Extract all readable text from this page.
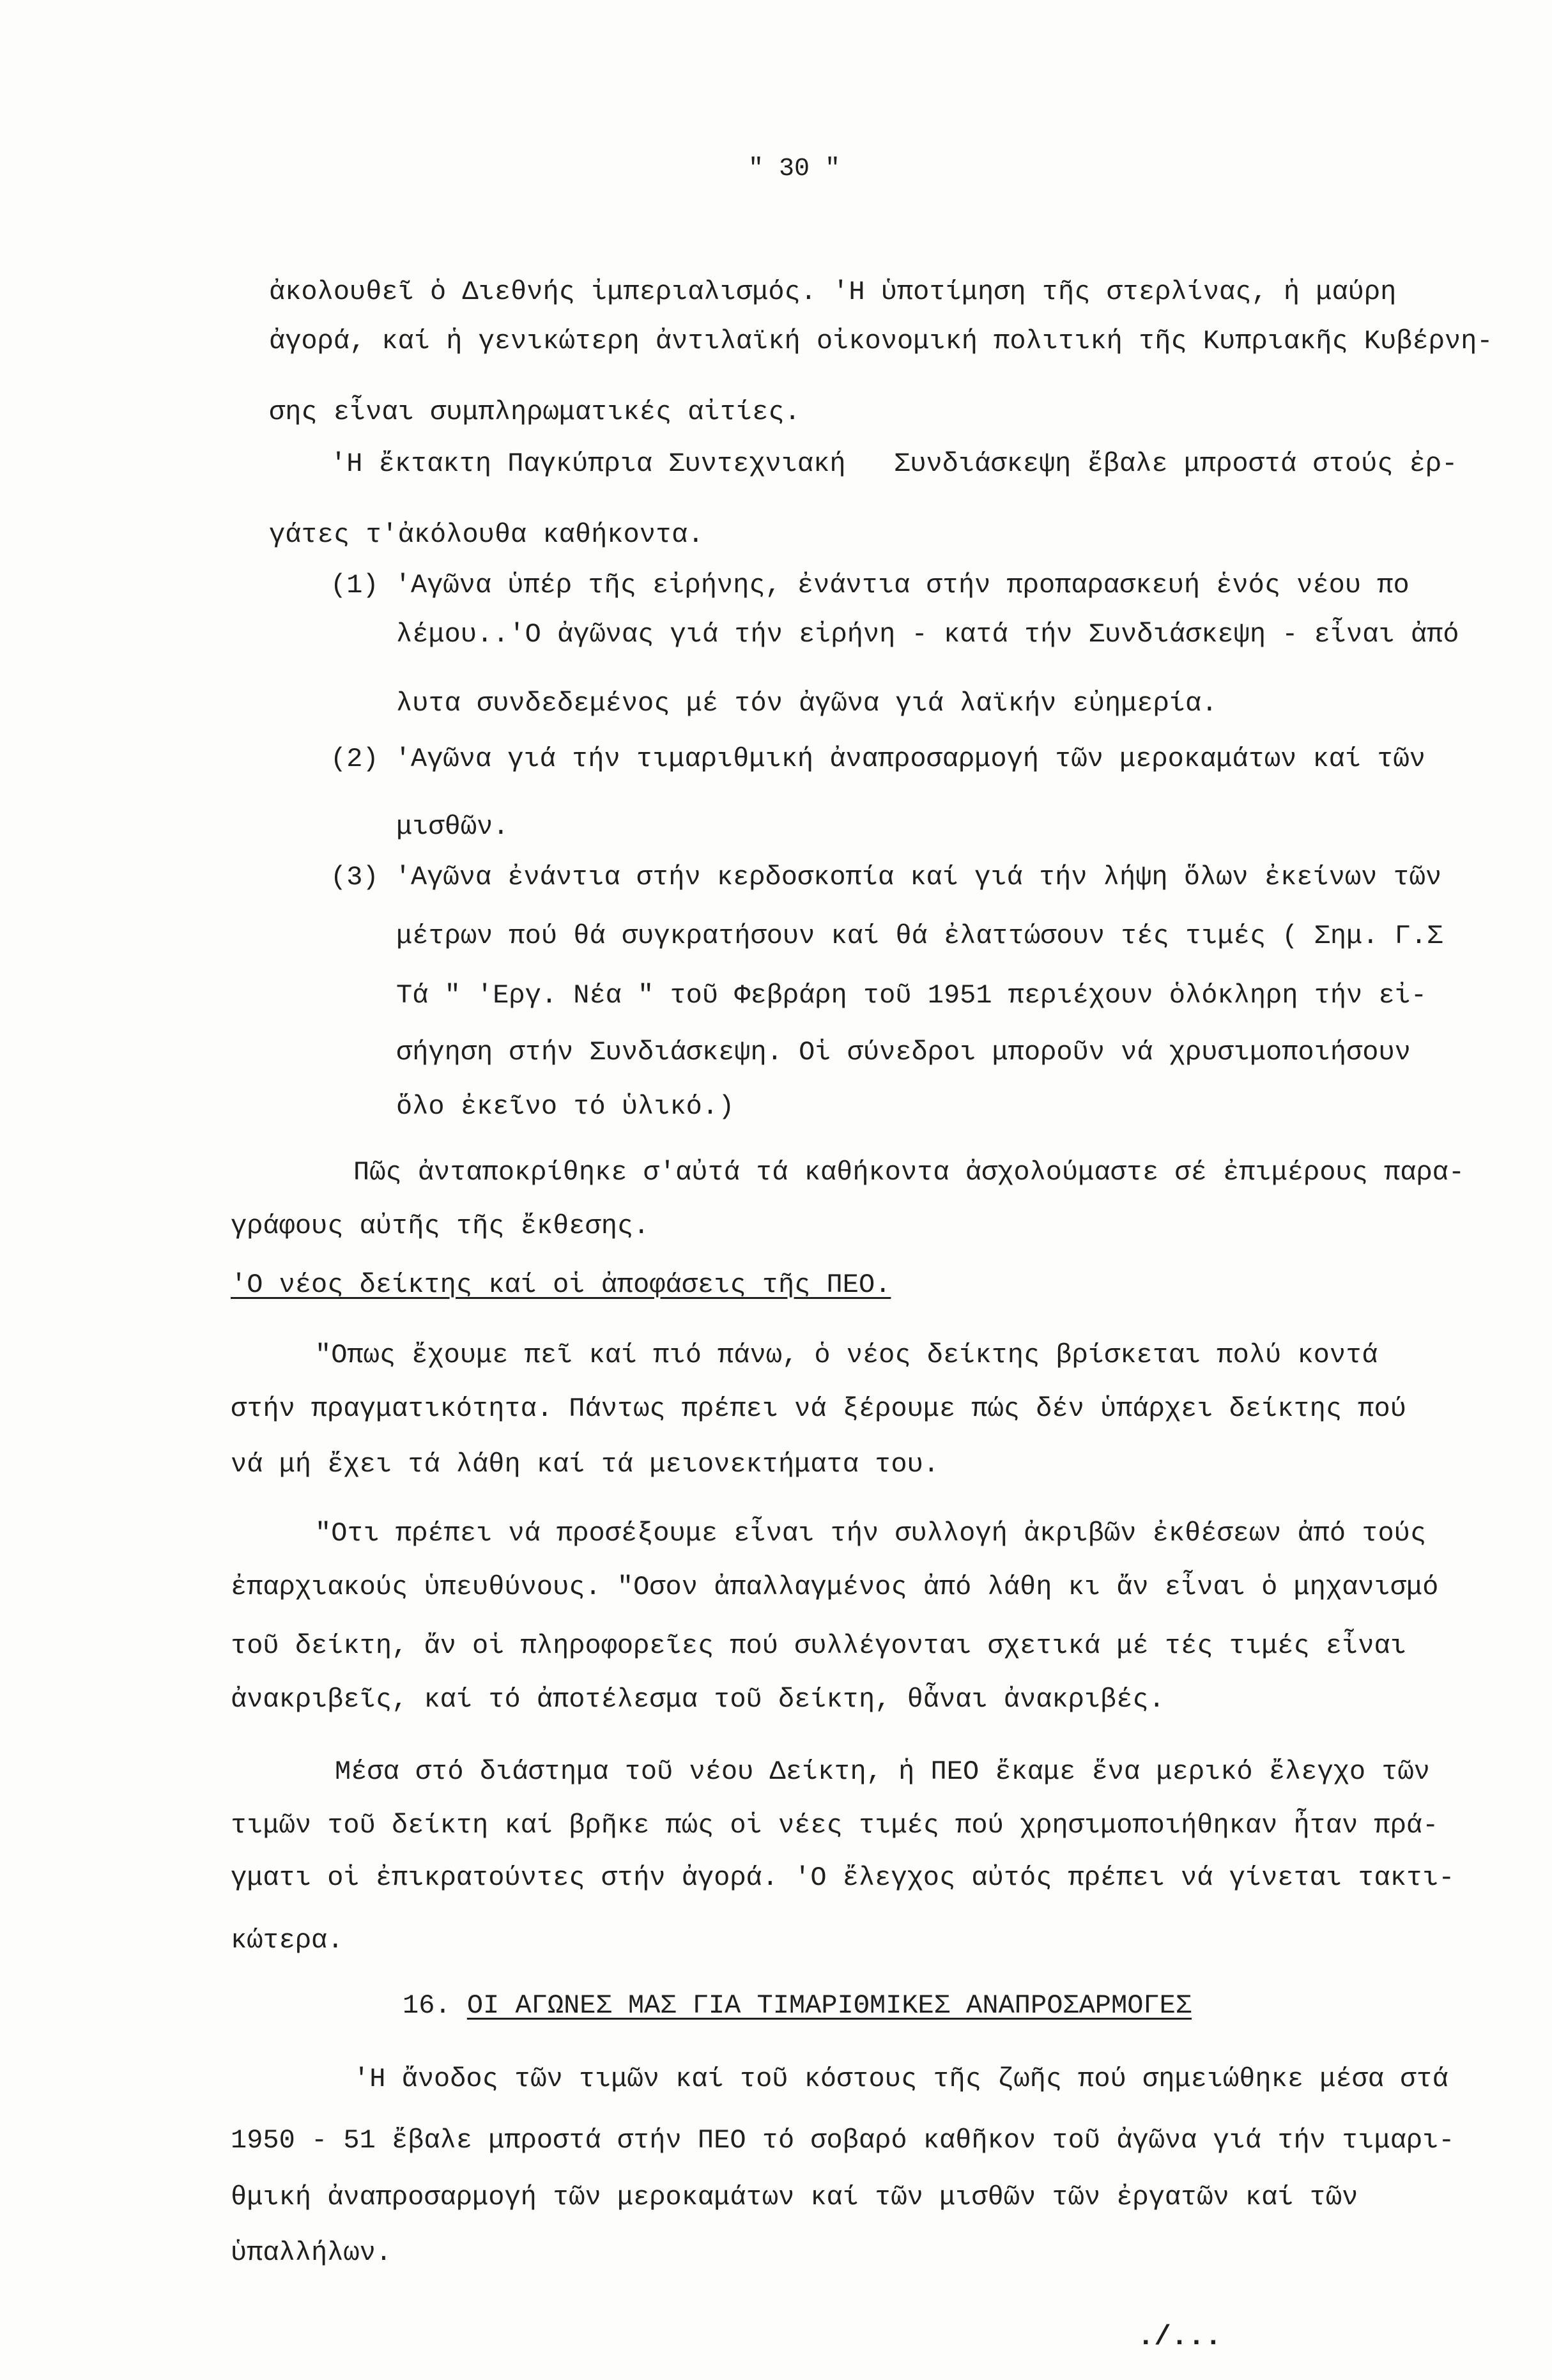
" 30 "
ἀκολουθεῖ ὁ Διεθνής ἰμπεριαλισμός. 'Η ὑποτίμηση τῆς στερλίνας, ἡ μαύρη
ἀγορά, καί ἡ γενικώτερη ἀντιλαϊκή οἰκονομική πολιτική τῆς Κυπριακῆς Κυβέρνη-
σης εἶναι συμπληρωματικές αἰτίες.
'Η ἔκτακτη Παγκύπρια Συντεχνιακή   Συνδιάσκεψη ἔβαλε μπροστά στούς ἐρ-
γάτες τ'ἀκόλουθα καθήκοντα.
(1) 'Αγῶνα ὑπέρ τῆς εἰρήνης, ἐνάντια στήν προπαρασκευή ἑνός νέου πο
λέμου..'Ο ἀγῶνας γιά τήν εἰρήνη - κατά τήν Συνδιάσκεψη - εἶναι ἀπό
λυτα συνδεδεμένος μέ τόν ἀγῶνα γιά λαϊκήν εὐημερία.
(2) 'Αγῶνα γιά τήν τιμαριθμική ἀναπροσαρμογή τῶν μεροκαμάτων καί τῶν
μισθῶν.
(3) 'Αγῶνα ἐνάντια στήν κερδοσκοπία καί γιά τήν λήψη ὅλων ἐκείνων τῶν
μέτρων πού θά συγκρατήσουν καί θά ἐλαττώσουν τές τιμές ( Σημ. Γ.Σ
Τά " 'Εργ. Νέα " τοῦ Φεβράρη τοῦ 1951 περιέχουν ὁλόκληρη τήν εἰ-
σήγηση στήν Συνδιάσκεψη. Οἱ σύνεδροι μποροῦν νά χρυσιμοποιήσουν
ὅλο ἐκεῖνο τό ὑλικό.)
Πῶς ἀνταποκρίθηκε σ'αὐτά τά καθήκοντα ἀσχολούμαστε σέ ἐπιμέρους παρα-
γράφους αὐτῆς τῆς ἔκθεσης.
'Ο νέος δείκτης καί οἱ ἀποφάσεις τῆς ΠΕΟ.
"Οπως ἔχουμε πεῖ καί πιό πάνω, ὁ νέος δείκτης βρίσκεται πολύ κοντά
στήν πραγματικότητα. Πάντως πρέπει νά ξέρουμε πώς δέν ὑπάρχει δείκτης πού
νά μή ἔχει τά λάθη καί τά μειονεκτήματα του.
"Οτι πρέπει νά προσέξουμε εἶναι τήν συλλογή ἀκριβῶν ἐκθέσεων ἀπό τούς
ἐπαρχιακούς ὑπευθύνους. "Οσον ἀπαλλαγμένος ἀπό λάθη κι ἄν εἶναι ὁ μηχανισμό
τοῦ δείκτη, ἄν οἱ πληροφορεῖες πού συλλέγονται σχετικά μέ τές τιμές εἶναι
ἀνακριβεῖς, καί τό ἀποτέλεσμα τοῦ δείκτη, θἆναι ἀνακριβές.
Μέσα στό διάστημα τοῦ νέου Δείκτη, ἡ ΠΕΟ ἔκαμε ἕνα μερικό ἔλεγχο τῶν
τιμῶν τοῦ δείκτη καί βρῆκε πώς οἱ νέες τιμές πού χρησιμοποιήθηκαν ἦταν πρά-
γματι οἱ ἐπικρατούντες στήν ἀγορά. 'Ο ἔλεγχος αὐτός πρέπει νά γίνεται τακτι-
κώτερα.
16. ΟΙ ΑΓΩΝΕΣ ΜΑΣ ΓΙΑ ΤΙΜΑΡΙΘΜΙΚΕΣ ΑΝΑΠΡΟΣΑΡΜΟΓΕΣ
'Η ἄνοδος τῶν τιμῶν καί τοῦ κόστους τῆς ζωῆς πού σημειώθηκε μέσα στά
1950 - 51 ἔβαλε μπροστά στήν ΠΕΟ τό σοβαρό καθῆκον τοῦ ἀγῶνα γιά τήν τιμαρι-
θμική ἀναπροσαρμογή τῶν μεροκαμάτων καί τῶν μισθῶν τῶν ἐργατῶν καί τῶν
ὑπαλλήλων.
./...
